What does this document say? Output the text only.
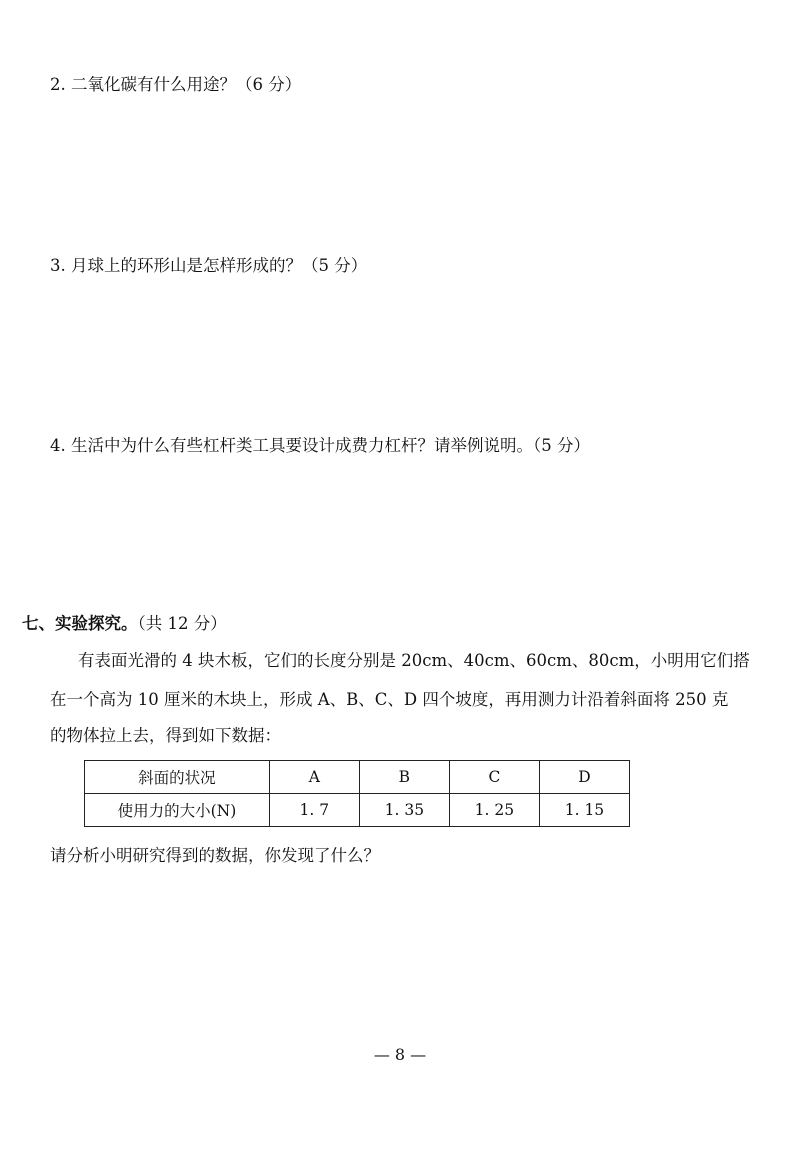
2. 二氧化碳有什么用途？（6 分）
3. 月球上的环形山是怎样形成的？（5 分）
4. 生活中为什么有些杠杆类工具要设计成费力杠杆？请举例说明。（5 分）
七、实验探究。（共 12 分）
有表面光滑的 4 块木板，它们的长度分别是 20cm、40cm、60cm、80cm，小明用它们搭
在一个高为 10 厘米的木块上，形成 A、B、C、D 四个坡度，再用测力计沿着斜面将 250 克
的物体拉上去，得到如下数据：
斜面的状况	A	B	C	D
使用力的大小(N)	1. 7	1. 35	1. 25	1. 15
请分析小明研究得到的数据，你发现了什么？
— 8 —
